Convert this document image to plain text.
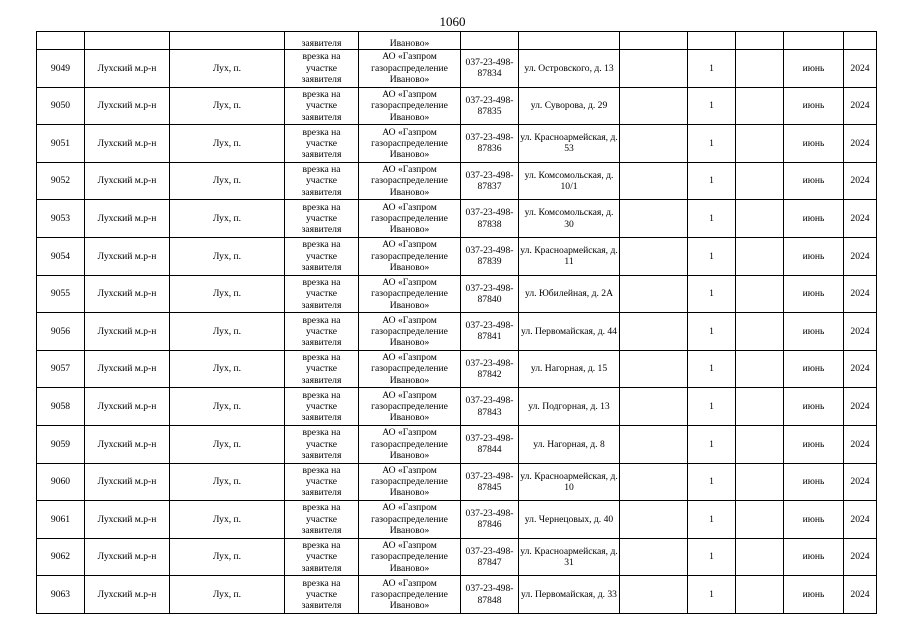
1060
			заявителя	Иваново»							
9049	Лухский м.р-н	Лух, п.	врезка на участке заявителя	АО «Газпром газораспределение Иваново»	037-23-498-87834	ул. Островского, д. 13		1		июнь	2024
9050	Лухский м.р-н	Лух, п.	врезка на участке заявителя	АО «Газпром газораспределение Иваново»	037-23-498-87835	ул. Суворова, д. 29		1		июнь	2024
9051	Лухский м.р-н	Лух, п.	врезка на участке заявителя	АО «Газпром газораспределение Иваново»	037-23-498-87836	ул. Красноармейская, д. 53		1		июнь	2024
9052	Лухский м.р-н	Лух, п.	врезка на участке заявителя	АО «Газпром газораспределение Иваново»	037-23-498-87837	ул. Комсомольская, д. 10/1		1		июнь	2024
9053	Лухский м.р-н	Лух, п.	врезка на участке заявителя	АО «Газпром газораспределение Иваново»	037-23-498-87838	ул. Комсомольская, д. 30		1		июнь	2024
9054	Лухский м.р-н	Лух, п.	врезка на участке заявителя	АО «Газпром газораспределение Иваново»	037-23-498-87839	ул. Красноармейская, д. 11		1		июнь	2024
9055	Лухский м.р-н	Лух, п.	врезка на участке заявителя	АО «Газпром газораспределение Иваново»	037-23-498-87840	ул. Юбилейная, д. 2А		1		июнь	2024
9056	Лухский м.р-н	Лух, п.	врезка на участке заявителя	АО «Газпром газораспределение Иваново»	037-23-498-87841	ул. Первомайская, д. 44		1		июнь	2024
9057	Лухский м.р-н	Лух, п.	врезка на участке заявителя	АО «Газпром газораспределение Иваново»	037-23-498-87842	ул. Нагорная, д. 15		1		июнь	2024
9058	Лухский м.р-н	Лух, п.	врезка на участке заявителя	АО «Газпром газораспределение Иваново»	037-23-498-87843	ул. Подгорная, д. 13		1		июнь	2024
9059	Лухский м.р-н	Лух, п.	врезка на участке заявителя	АО «Газпром газораспределение Иваново»	037-23-498-87844	ул. Нагорная, д. 8		1		июнь	2024
9060	Лухский м.р-н	Лух, п.	врезка на участке заявителя	АО «Газпром газораспределение Иваново»	037-23-498-87845	ул. Красноармейская, д. 10		1		июнь	2024
9061	Лухский м.р-н	Лух, п.	врезка на участке заявителя	АО «Газпром газораспределение Иваново»	037-23-498-87846	ул. Чернецовых, д. 40		1		июнь	2024
9062	Лухский м.р-н	Лух, п.	врезка на участке заявителя	АО «Газпром газораспределение Иваново»	037-23-498-87847	ул. Красноармейская, д. 31		1		июнь	2024
9063	Лухский м.р-н	Лух, п.	врезка на участке заявителя	АО «Газпром газораспределение Иваново»	037-23-498-87848	ул. Первомайская, д. 33		1		июнь	2024
